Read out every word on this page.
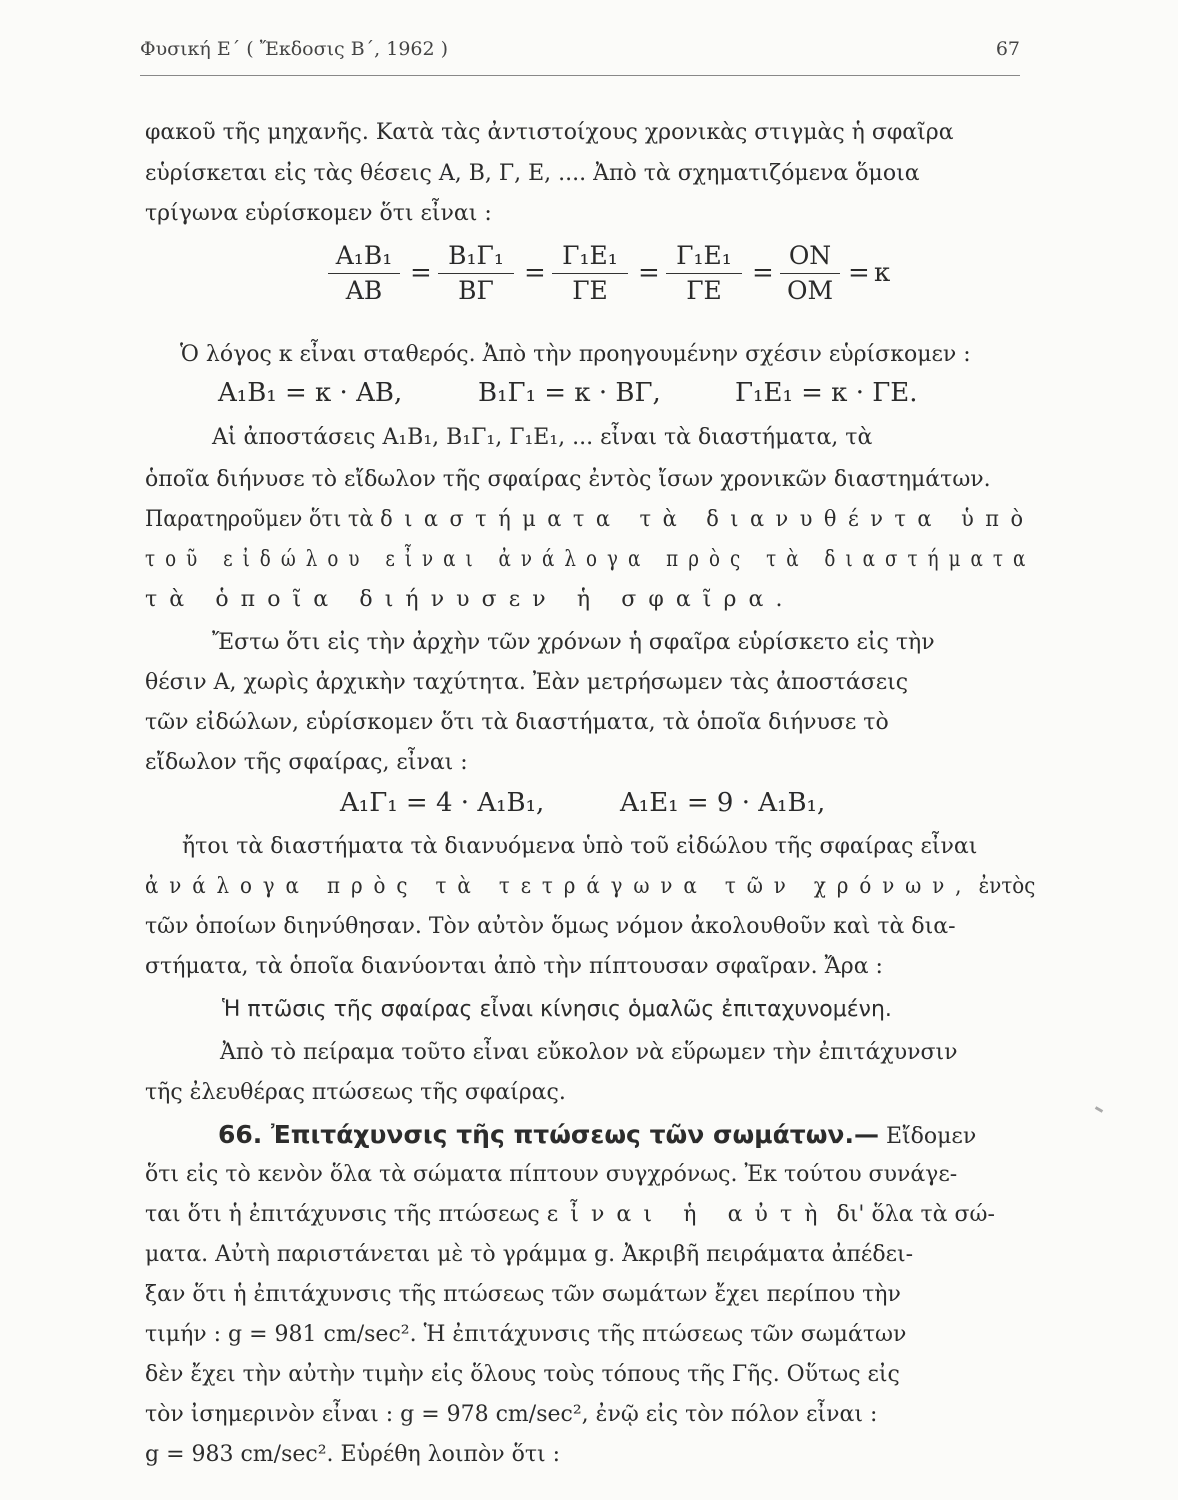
Φυσική Ε΄ ( Ἔκδοσις Β΄, 1962 )	67
φακοῦ τῆς μηχανῆς. Κατὰ τὰς ἀντιστοίχους χρονικὰς στιγμὰς ἡ σφαῖρα
εὑρίσκεται εἰς τὰς θέσεις Α, Β, Γ, Ε, .... Ἀπὸ τὰ σχηματιζόμενα ὅμοια
τρίγωνα εὑρίσκομεν ὅτι εἶναι :
$\frac{\text{Α₁Β₁}}{AB} = \frac{\text{Β₁Γ₁}}{B\Gamma} = \frac{\text{Γ₁Ε₁}}{\Gamma E} = \frac{\text{Γ₁Ε₁}}{\Gamma E} = \frac{ON}{OM} = \kappa$
Ὁ λόγος κ εἶναι σταθερός. Ἀπὸ τὴν προηγουμένην σχέσιν εὑρίσκομεν :
Α₁Β₁ = κ · ΑΒ,	Β₁Γ₁ = κ · ΒΓ,	Γ₁Ε₁ = κ · ΓΕ.
Αἱ ἀποστάσεις Α₁Β₁, Β₁Γ₁, Γ₁Ε₁, ... εἶναι τὰ διαστήματα, τὰ
ὁποῖα διήνυσε τὸ εἴδωλον τῆς σφαίρας ἐντὸς ἴσων χρονικῶν διαστημάτων.
Παρατηροῦμεν ὅτι τὰ διαστήματα τὰ διανυθέντα ὑπὸ
τοῦ εἰδώλου εἶναι ἀνάλογα πρὸς τὰ διαστήματα
τὰ ὁποῖα διήνυσεν ἡ σφαῖρα.
Ἔστω ὅτι εἰς τὴν ἀρχὴν τῶν χρόνων ἡ σφαῖρα εὑρίσκετο εἰς τὴν
θέσιν Α, χωρὶς ἀρχικὴν ταχύτητα. Ἐὰν μετρήσωμεν τὰς ἀποστάσεις
τῶν εἰδώλων, εὑρίσκομεν ὅτι τὰ διαστήματα, τὰ ὁποῖα διήνυσε τὸ
εἴδωλον τῆς σφαίρας, εἶναι :
Α₁Γ₁ = 4 · Α₁Β₁,	Α₁Ε₁ = 9 · Α₁Β₁,
ἤτοι τὰ διαστήματα τὰ διανυόμενα ὑπὸ τοῦ εἰδώλου τῆς σφαίρας εἶναι
ἀνάλογα πρὸς τὰ τετράγωνα τῶν χρόνων, ἐντὸς
τῶν ὁποίων διηνύθησαν. Τὸν αὐτὸν ὅμως νόμον ἀκολουθοῦν καὶ τὰ δια-
στήματα, τὰ ὁποῖα διανύονται ἀπὸ τὴν πίπτουσαν σφαῖραν. Ἄρα :
Ἡ πτῶσις τῆς σφαίρας εἶναι κίνησις ὁμαλῶς ἐπιταχυνομένη.
Ἀπὸ τὸ πείραμα τοῦτο εἶναι εὔκολον νὰ εὕρωμεν τὴν ἐπιτάχυνσιν
τῆς ἐλευθέρας πτώσεως τῆς σφαίρας.
66. Ἐπιτάχυνσις τῆς πτώσεως τῶν σωμάτων.— Εἴδομεν
ὅτι εἰς τὸ κενὸν ὅλα τὰ σώματα πίπτουν συγχρόνως. Ἐκ τούτου συνάγε-
ται ὅτι ἡ ἐπιτάχυνσις τῆς πτώσεως εἶναι ἡ αὐτὴ δι' ὅλα τὰ σώ-
ματα. Αὐτὴ παριστάνεται μὲ τὸ γράμμα g. Ἀκριβῆ πειράματα ἀπέδει-
ξαν ὅτι ἡ ἐπιτάχυνσις τῆς πτώσεως τῶν σωμάτων ἔχει περίπου τὴν
τιμήν : g = 981 cm/sec². Ἡ ἐπιτάχυνσις τῆς πτώσεως τῶν σωμάτων
δὲν ἔχει τὴν αὐτὴν τιμὴν εἰς ὅλους τοὺς τόπους τῆς Γῆς. Οὕτως εἰς
τὸν ἰσημερινὸν εἶναι : g = 978 cm/sec², ἐνῷ εἰς τὸν πόλον εἶναι :
g = 983 cm/sec². Εὑρέθη λοιπὸν ὅτι :
